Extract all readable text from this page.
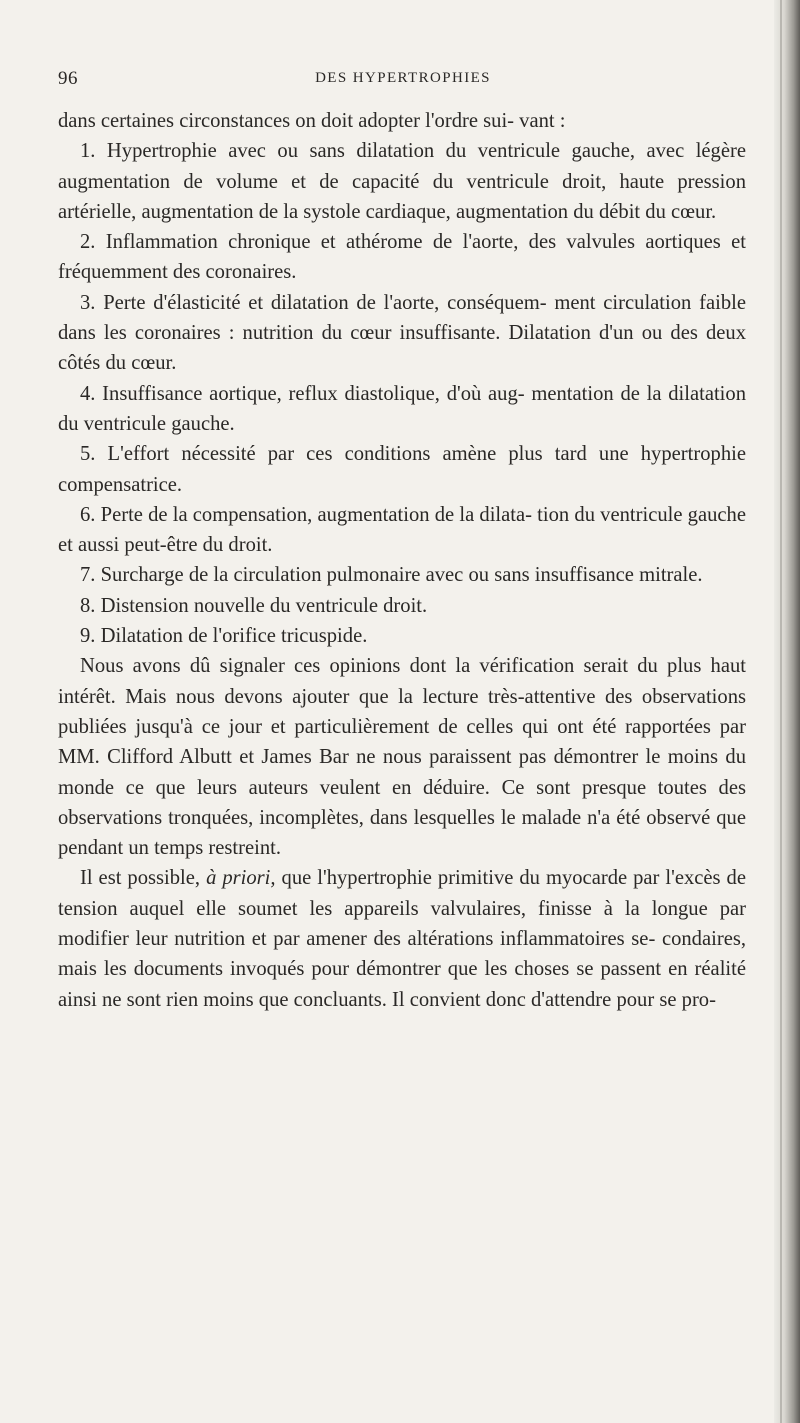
96	DES HYPERTROPHIES

dans certaines circonstances on doit adopter l'ordre sui- vant :

1. Hypertrophie avec ou sans dilatation du ventricule gauche, avec légère augmentation de volume et de capacité du ventricule droit, haute pression artérielle, augmentation de la systole cardiaque, augmentation du débit du cœur.

2. Inflammation chronique et athérome de l'aorte, des valvules aortiques et fréquemment des coronaires.

3. Perte d'élasticité et dilatation de l'aorte, conséquem- ment circulation faible dans les coronaires : nutrition du cœur insuffisante. Dilatation d'un ou des deux côtés du cœur.

4. Insuffisance aortique, reflux diastolique, d'où aug- mentation de la dilatation du ventricule gauche.

5. L'effort nécessité par ces conditions amène plus tard une hypertrophie compensatrice.

6. Perte de la compensation, augmentation de la dilata- tion du ventricule gauche et aussi peut-être du droit.

7. Surcharge de la circulation pulmonaire avec ou sans insuffisance mitrale.

8. Distension nouvelle du ventricule droit.

9. Dilatation de l'orifice tricuspide.

Nous avons dû signaler ces opinions dont la vérification serait du plus haut intérêt. Mais nous devons ajouter que la lecture très-attentive des observations publiées jusqu'à ce jour et particulièrement de celles qui ont été rapportées par MM. Clifford Albutt et James Bar ne nous paraissent pas démontrer le moins du monde ce que leurs auteurs veulent en déduire. Ce sont presque toutes des observations tronquées, incomplètes, dans lesquelles le malade n'a été observé que pendant un temps restreint.

Il est possible, à priori, que l'hypertrophie primitive du myocarde par l'excès de tension auquel elle soumet les appareils valvulaires, finisse à la longue par modifier leur nutrition et par amener des altérations inflammatoires se- condaires, mais les documents invoqués pour démontrer que les choses se passent en réalité ainsi ne sont rien moins que concluants. Il convient donc d'attendre pour se pro-
